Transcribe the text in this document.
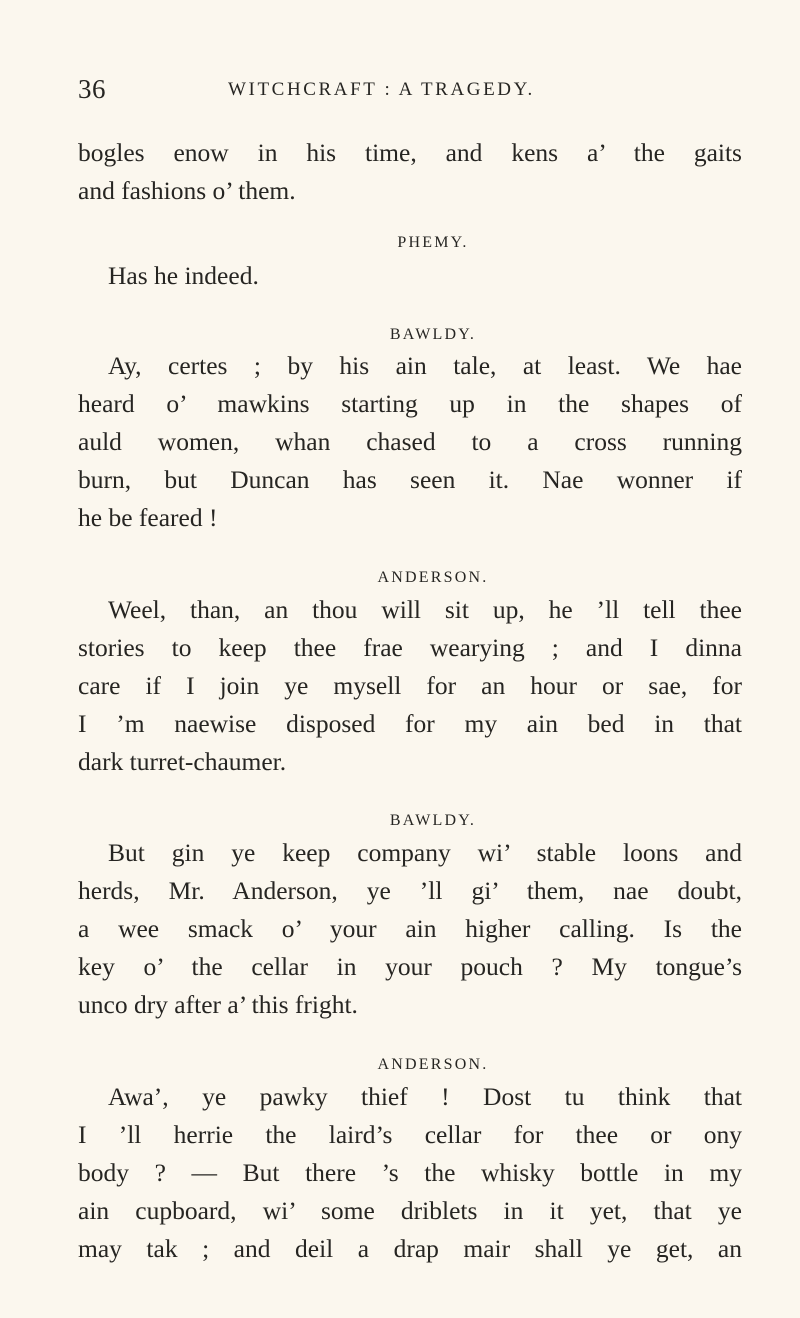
36	WITCHCRAFT : A TRAGEDY.
bogles enow in his time, and kens a’ the gaits
and fashions o’ them.
PHEMY.
Has he indeed.
BAWLDY.
Ay, certes ; by his ain tale, at least. We hae
heard o’ mawkins starting up in the shapes of
auld women, whan chased to a cross running
burn, but Duncan has seen it. Nae wonner if
he be feared !
ANDERSON.
Weel, than, an thou will sit up, he ’ll tell thee
stories to keep thee frae wearying ; and I dinna
care if I join ye mysell for an hour or sae, for
I ’m naewise disposed for my ain bed in that
dark turret-chaumer.
BAWLDY.
But gin ye keep company wi’ stable loons and
herds, Mr. Anderson, ye ’ll gi’ them, nae doubt,
a wee smack o’ your ain higher calling. Is the
key o’ the cellar in your pouch ? My tongue’s
unco dry after a’ this fright.
ANDERSON.
Awa’, ye pawky thief ! Dost tu think that
I ’ll herrie the laird’s cellar for thee or ony
body ? — But there ’s the whisky bottle in my
ain cupboard, wi’ some driblets in it yet, that ye
may tak ; and deil a drap mair shall ye get, an
